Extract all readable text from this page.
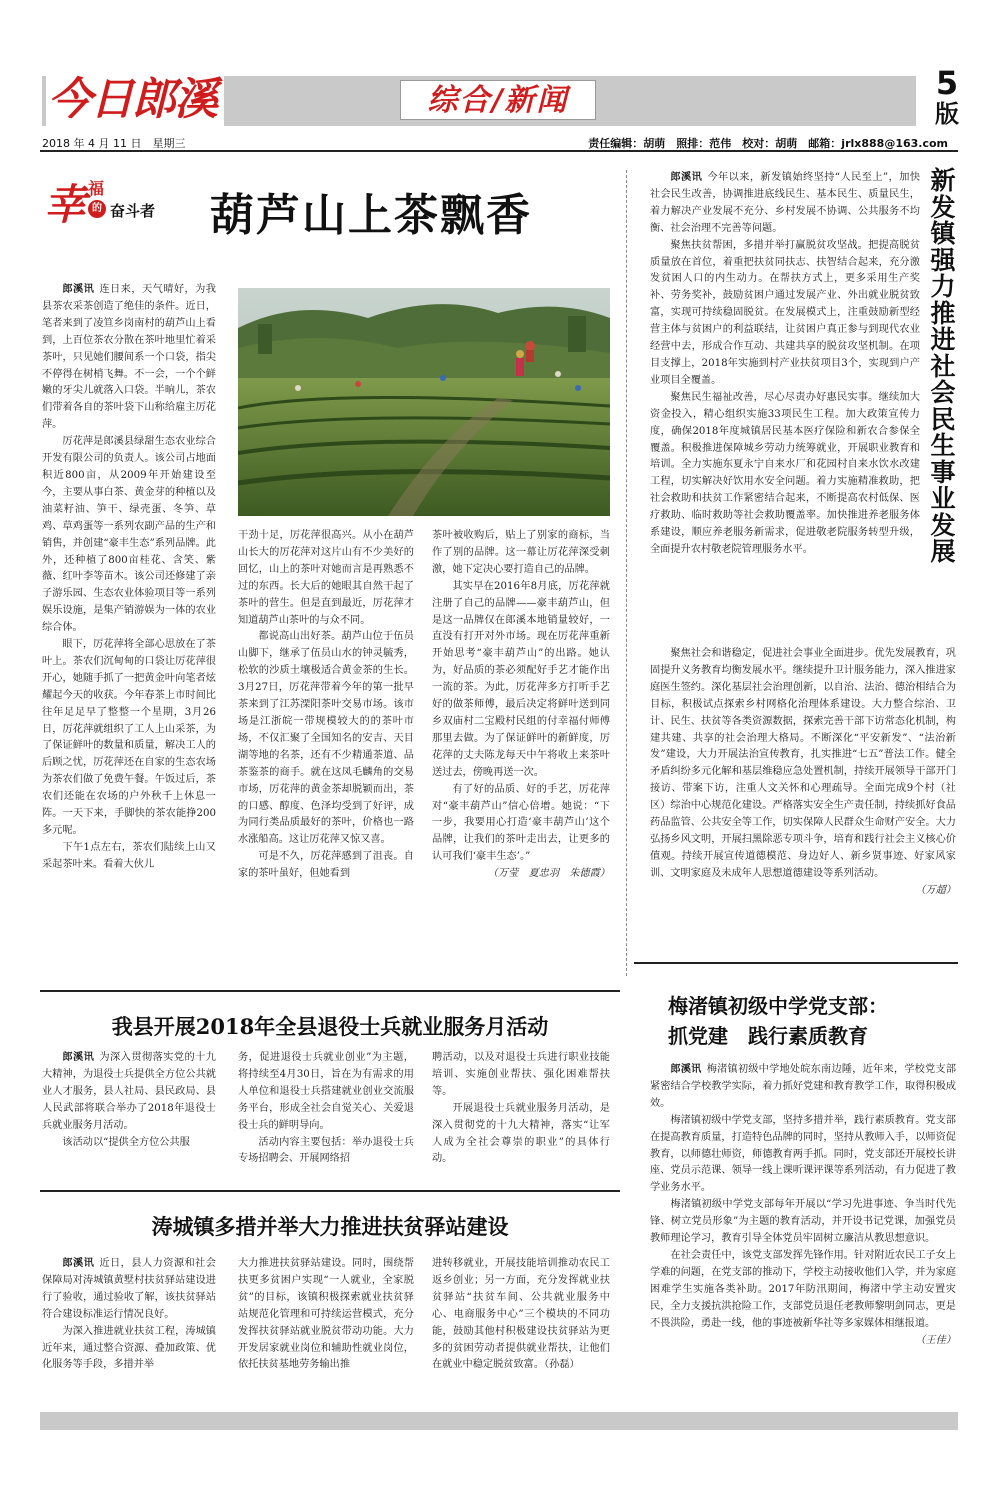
今日郎溪	综合/新闻	5
版
2018 年 4 月 11 日　星期三	责任编辑：胡萌　照排：范伟　校对：胡萌　邮箱：jrlx888@163.com
幸 福
的 奋斗者 葫芦山上茶飘香

郎溪讯 连日来，天气晴好，为我县茶农采茶创造了绝佳的条件。近日，笔者来到了凌笪乡岗南村的葫芦山上看到，上百位茶农分散在茶叶地里忙着采茶叶，只见她们腰间系一个口袋，指尖不停得在树梢飞舞。不一会，一个个鲜嫩的牙尖儿就落入口袋。半晌儿，茶农们带着各自的茶叶袋下山称给雇主厉花萍。

厉花萍是郎溪县绿甜生态农业综合开发有限公司的负责人。该公司占地面积近800亩，从2009年开始建设至今，主要从事白茶、黄金芽的种植以及油菜籽油、笋干、绿壳蛋、冬笋、草鸡、草鸡蛋等一系列农副产品的生产和销售，并创建“豪丰生态”系列品牌。此外，还种植了800亩桂花、含笑、紫薇、红叶李等苗木。该公司还修建了亲子游乐园、生态农业体验项目等一系列娱乐设施，是集产销游娱为一体的农业综合体。

眼下，厉花萍将全部心思放在了茶叶上。茶农们沉甸甸的口袋让厉花萍很开心，她随手抓了一把黄金叶向笔者炫耀起今天的收获。今年春茶上市时间比往年足足早了整整一个星期，3月26日，厉花萍就组织了工人上山采茶，为了保证鲜叶的数量和质量，解决工人的后顾之忧，厉花萍还在自家的生态农场为茶农们做了免费午餐。午饭过后，茶农们还能在农场的户外秋千上休息一阵。一天下来，手脚快的茶农能挣200多元呢。

下午1点左右，茶农们陆续上山又采起茶叶来。看着大伙儿

干劲十足，厉花萍很高兴。从小在葫芦山长大的厉花萍对这片山有不少美好的回忆，山上的茶叶对她而言是再熟悉不过的东西。长大后的她眼其自然干起了茶叶的营生。但是直到最近，厉花萍才知道葫芦山茶叶的与众不同。

都说高山出好茶。葫芦山位于伍员山脚下，继承了伍员山水的钟灵毓秀，松软的沙质土壤极适合黄金茶的生长。3月27日，厉花萍带着今年的第一批早茶来到了江苏溧阳茶叶交易市场。该市场是江浙皖一带规模较大的的茶叶市场，不仅汇聚了全国知名的安吉、天目湖等地的名茶，还有不少精通茶道、品茶鉴茶的商手。就在这凤毛麟角的交易市场，厉花萍的黄金茶却脱颖而出，茶的口感、醇度、色泽均受到了好评，成为同行类品质最好的茶叶，价格也一路水涨船高。这让厉花萍又惊又喜。

可是不久，厉花萍感到了沮丧。自家的茶叶虽好，但她看到

茶叶被收购后，贴上了别家的商标，当作了别的品牌。这一幕让厉花萍深受刺激，她下定决心要打造自己的品牌。

其实早在2016年8月底，厉花萍就注册了自己的品牌——豪丰葫芦山，但是这一品牌仅在郎溪本地销量较好，一直没有打开对外市场。现在厉花萍重新开始思考“豪丰葫芦山”的出路。她认为，好品质的茶必须配好手艺才能作出一流的茶。为此，厉花萍多方打听手艺好的做茶师傅，最后决定将鲜叶送到同乡双庙村二宝殿村民组的付幸福付师傅那里去做。为了保证鲜叶的新鲜度，厉花萍的丈夫陈龙每天中午将收上来茶叶送过去，傍晚再送一次。

有了好的品质、好的手艺，厉花萍对“豪丰葫芦山”信心倍增。她说：“下一步，我要用心打造‘豪丰葫芦山’这个品牌，让我们的茶叶走出去，让更多的认可我们‘豪丰生态’。”

（万莹　夏忠羽　朱德霞）

新发镇强力推进社会民生事业发展

郎溪讯 今年以来，新发镇始终坚持“人民至上”，加快社会民生改善，协调推进底线民生、基本民生、质量民生，着力解决产业发展不充分、乡村发展不协调、公共服务不均衡、社会治理不完善等问题。

聚焦扶贫帮困，多措并举打赢脱贫攻坚战。把提高脱贫质量放在首位，着重把扶贫同扶志、扶智结合起来，充分激发贫困人口的内生动力。在帮扶方式上，更多采用生产奖补、劳务奖补，鼓励贫困户通过发展产业、外出就业脱贫致富，实现可持续稳固脱贫。在发展模式上，注重鼓励新型经营主体与贫困户的利益联结，让贫困户真正参与到现代农业经营中去，形成合作互动、共建共享的脱贫攻坚机制。在项目支撑上，2018年实施到村产业扶贫项目3个，实现到户产业项目全覆盖。

聚焦民生福祉改善，尽心尽责办好惠民实事。继续加大资金投入，精心组织实施33项民生工程。加大政策宣传力度，确保2018年度城镇居民基本医疗保险和新农合参保全覆盖。积极推进保障城乡劳动力统筹就业，开展职业教育和培训。全力实施东夏永宁自来水厂和花园村自来水饮水改建工程，切实解决好饮用水安全问题。着力实施精准救助，把社会救助和扶贫工作紧密结合起来，不断提高农村低保、医疗救助、临时救助等社会救助覆盖率。加快推进养老服务体系建设，顺应养老服务新需求，促进敬老院服务转型升级，全面提升农村敬老院管理服务水平。

聚焦社会和谐稳定，促进社会事业全面进步。优先发展教育，巩固提升义务教育均衡发展水平。继续提升卫计服务能力，深入推进家庭医生签约。深化基层社会治理创新，以自治、法治、德治相结合为目标，积极试点探索乡村网格化治理体系建设。大力整合综治、卫计、民生、扶贫等各类资源数据，探索完善干部下访常态化机制，构建共建、共享的社会治理大格局。不断深化“平安新发”、“法治新发”建设，大力开展法治宣传教育，扎实推进“七五”普法工作。健全矛盾纠纷多元化解和基层维稳应急处置机制，持续开展领导干部开门接访、带案下访，注重人文关怀和心理疏导。全面完成9个村（社区）综治中心规范化建设。严格落实安全生产责任制，持续抓好食品药品监管、公共安全等工作，切实保障人民群众生命财产安全。大力弘扬乡风文明，开展扫黑除恶专项斗争，培育和践行社会主义核心价值观。持续开展宣传道德模范、身边好人、新乡贤事迹、好家风家训、文明家庭及未成年人思想道德建设等系列活动。

（万超）

我县开展2018年全县退役士兵就业服务月活动

郎溪讯 为深入贯彻落实党的十九大精神，为退役士兵提供全方位公共就业人才服务，县人社局、县民政局、县人民武部将联合举办了2018年退役士兵就业服务月活动。

该活动以“提供全方位公共服

务，促进退役士兵就业创业”为主题，将持续至4月30日，旨在为有需求的用人单位和退役士兵搭建就业创业交流服务平台，形成全社会自觉关心、关爱退役士兵的鲜明导向。

活动内容主要包括：举办退役士兵专场招聘会、开展网络招

聘活动，以及对退役士兵进行职业技能培训、实施创业帮扶、强化困难帮扶等。

开展退役士兵就业服务月活动，是深入贯彻党的十九大精神，落实“让军人成为全社会尊崇的职业”的具体行动。

涛城镇多措并举大力推进扶贫驿站建设

郎溪讯 近日，县人力资源和社会保障局对涛城镇黄墅村扶贫驿站建设进行了验收，通过验收了解，该扶贫驿站符合建设标准运行情况良好。

为深入推进就业扶贫工程，涛城镇近年来，通过整合资源、叠加政策、优化服务等手段，多措并举

大力推进扶贫驿站建设。同时，围绕帮扶更多贫困户实现“一人就业，全家脱贫”的目标，该镇积极探索就业扶贫驿站规范化管理和可持续运营模式，充分发挥扶贫驿站就业脱贫带动功能。大力开发居家就业岗位和辅助性就业岗位，依托扶贫基地劳务输出推

进转移就业，开展技能培训推动农民工返乡创业；另一方面，充分发挥就业扶贫驿站“扶贫车间、公共就业服务中心、电商服务中心”三个模块的不同功能，鼓励其他村积极建设扶贫驿站为更多的贫困劳动者提供就业帮扶，让他们在就业中稳定脱贫致富。（孙磊）

梅渚镇初级中学党支部：
抓党建　践行素质教育

郎溪讯 梅渚镇初级中学地处皖东南边陲，近年来，学校党支部紧密结合学校教学实际，着力抓好党建和教育教学工作，取得积极成效。

梅渚镇初级中学党支部，坚持多措并举，践行素质教育。党支部在提高教育质量，打造特色品牌的同时，坚持从教师入手，以师资促教育，以师德壮师资，师德教育两手抓。同时，党支部还开展校长讲座、党员示范课、领导一线上课听课评课等系列活动，有力促进了教学业务水平。

梅渚镇初级中学党支部每年开展以“学习先进事迹、争当时代先锋、树立党员形象”为主题的教育活动，并开设书记党课，加强党员教师理论学习，教育引导全体党员牢固树立廉洁从教思想意识。

在社会责任中，该党支部发挥先锋作用。针对附近农民工子女上学难的问题，在党支部的推动下，学校主动接收他们入学，并为家庭困难学生实施各类补助。2017年防汛期间，梅渚中学主动安置灾民，全力支援抗洪抢险工作，支部党员退任老教师黎明剑同志，更是不畏洪险，勇赴一线，他的事迹被新华社等多家媒体相继报道。

（王佳）
